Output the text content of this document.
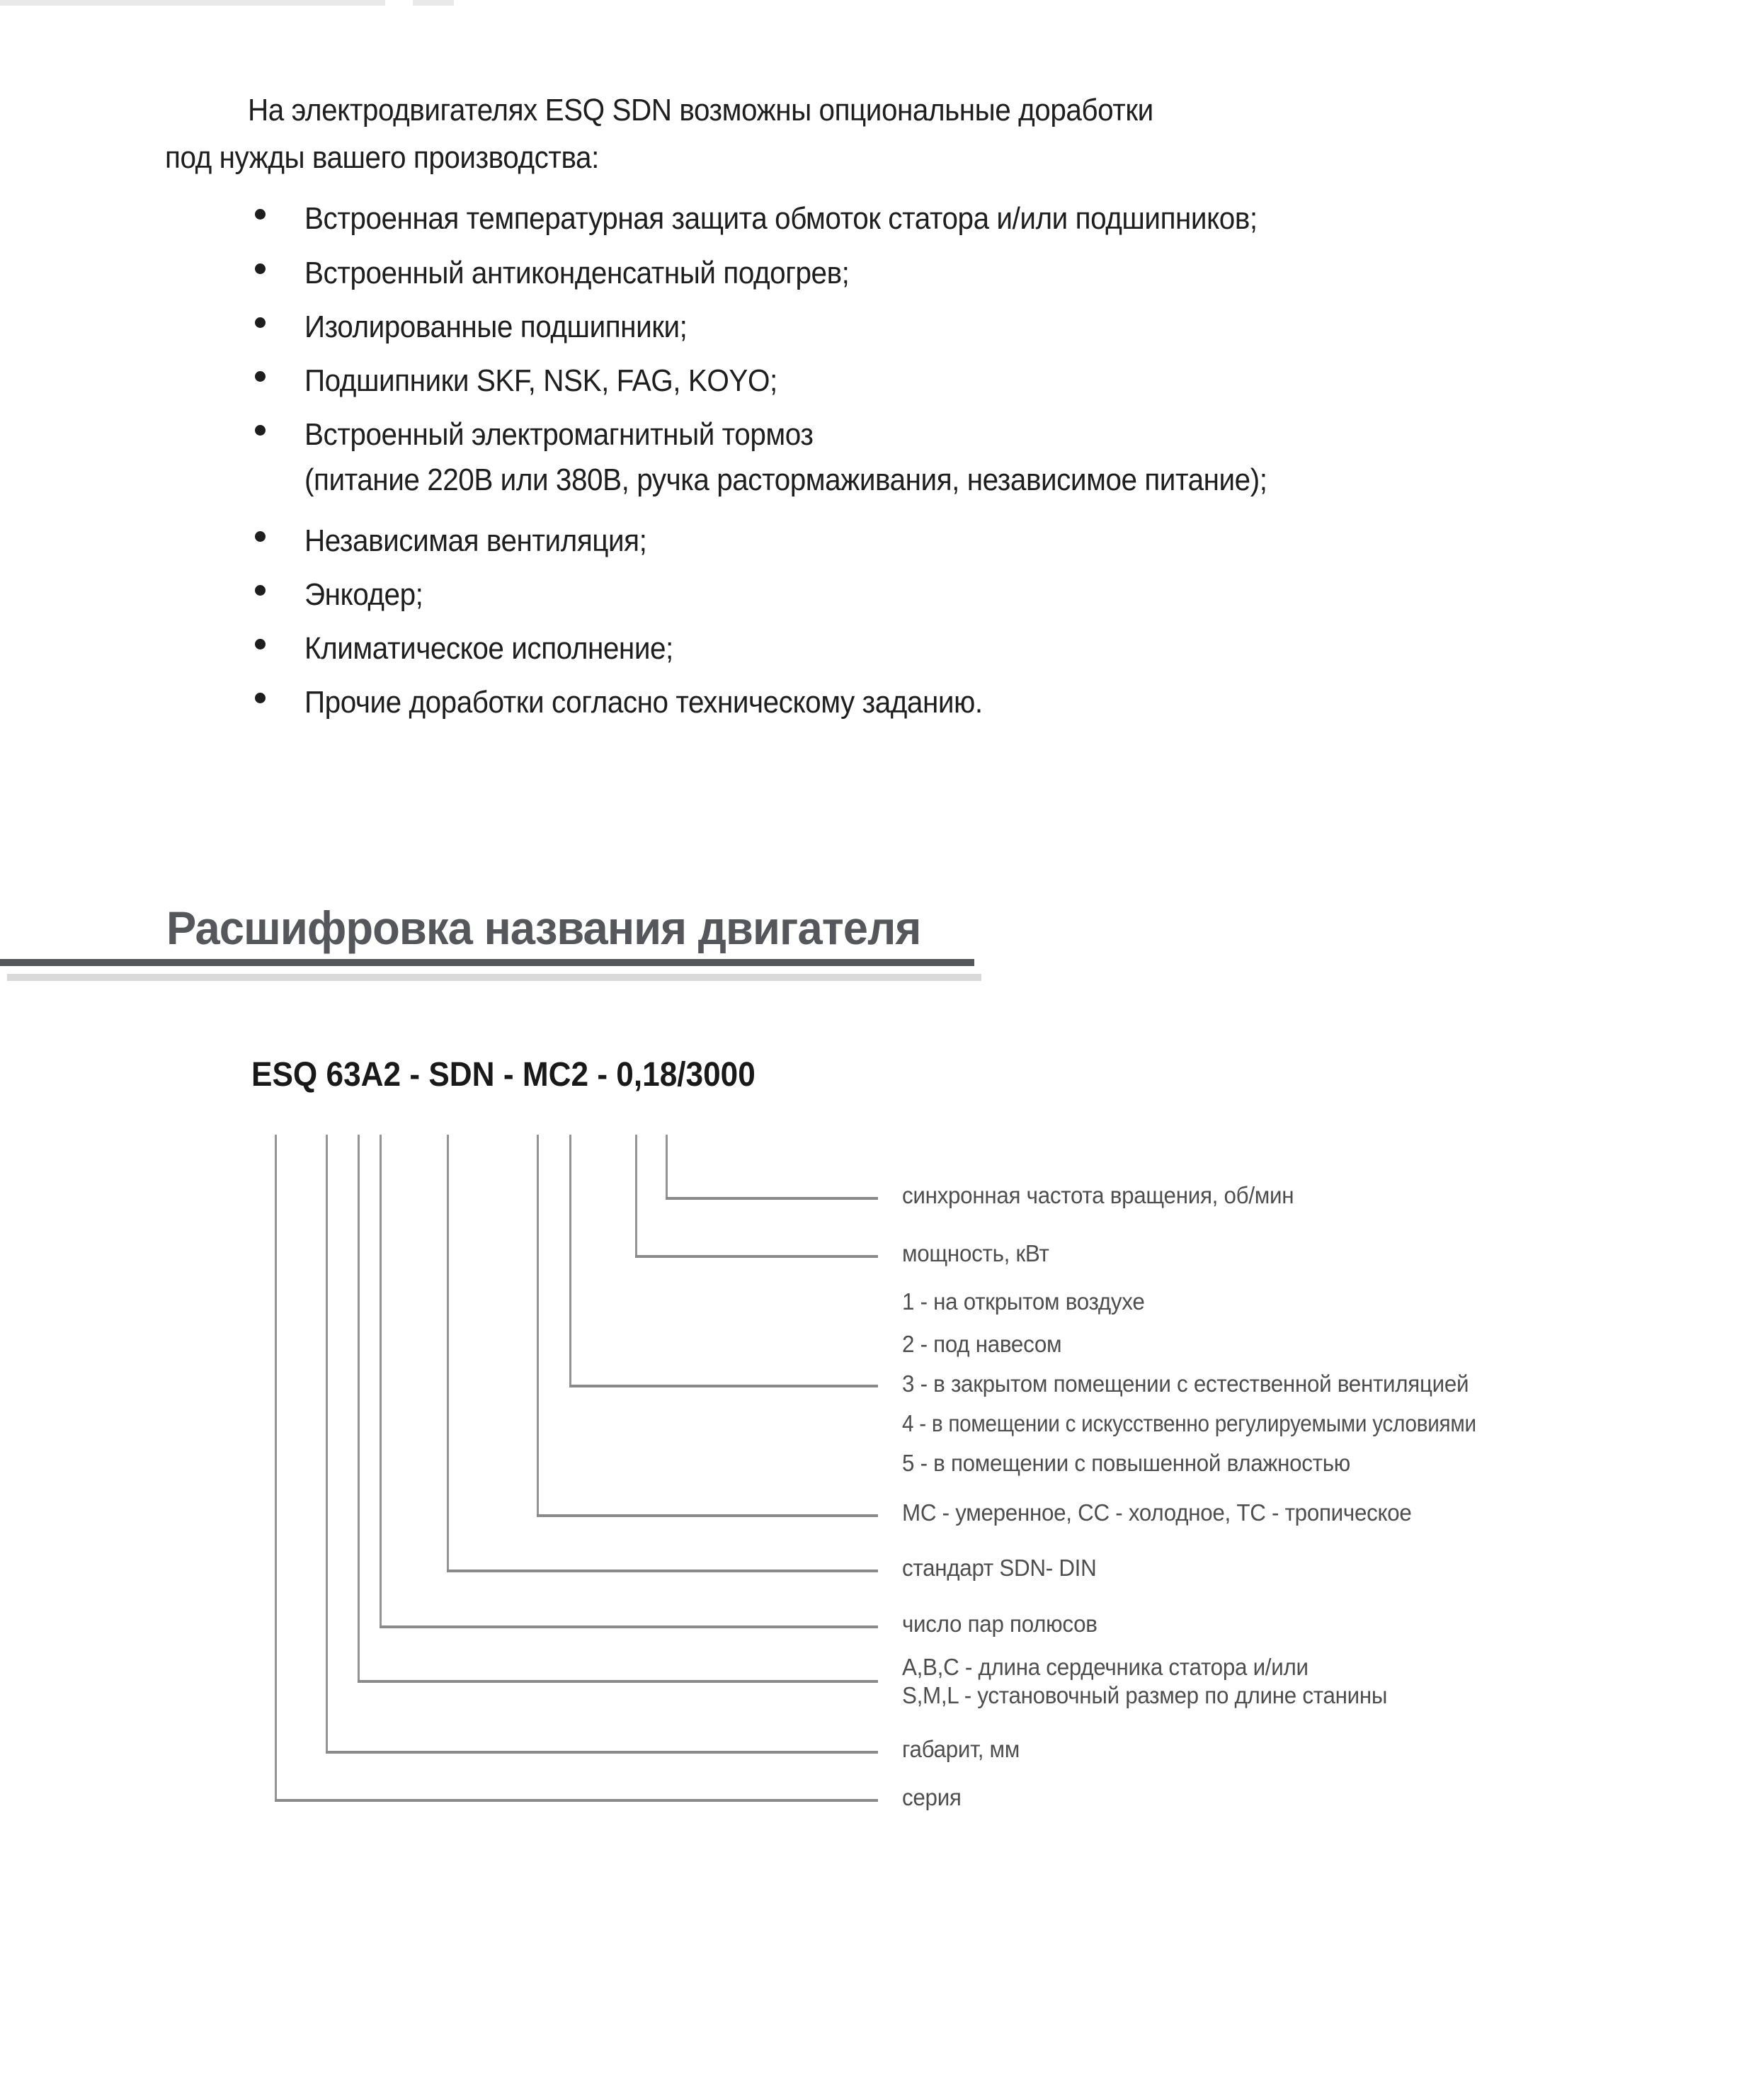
На электродвигателях ESQ SDN возможны опциональные доработки
под нужды вашего производства:
Встроенная температурная защита обмоток статора и/или подшипников;
Встроенный антиконденсатный подогрев;
Изолированные подшипники;
Подшипники SKF, NSK, FAG, KOYO;
Встроенный электромагнитный тормоз
(питание 220В или 380В, ручка растормаживания, независимое питание);
Независимая вентиляция;
Энкодер;
Климатическое исполнение;
Прочие доработки согласно техническому заданию.
Расшифровка названия двигателя
ESQ 63A2 - SDN - MC2 - 0,18/3000
синхронная частота вращения, об/мин
мощность, кВт
1 - на открытом воздухе
2 - под навесом
3 - в закрытом помещении с естественной вентиляцией
4 - в помещении с искусственно регулируемыми условиями
5 - в помещении с повышенной влажностью
МС - умеренное, СС - холодное, ТС - тропическое
стандарт SDN- DIN
число пар полюсов
А,В,С - длина сердечника статора и/или
S,M,L - установочный размер по длине станины
габарит, мм
серия
